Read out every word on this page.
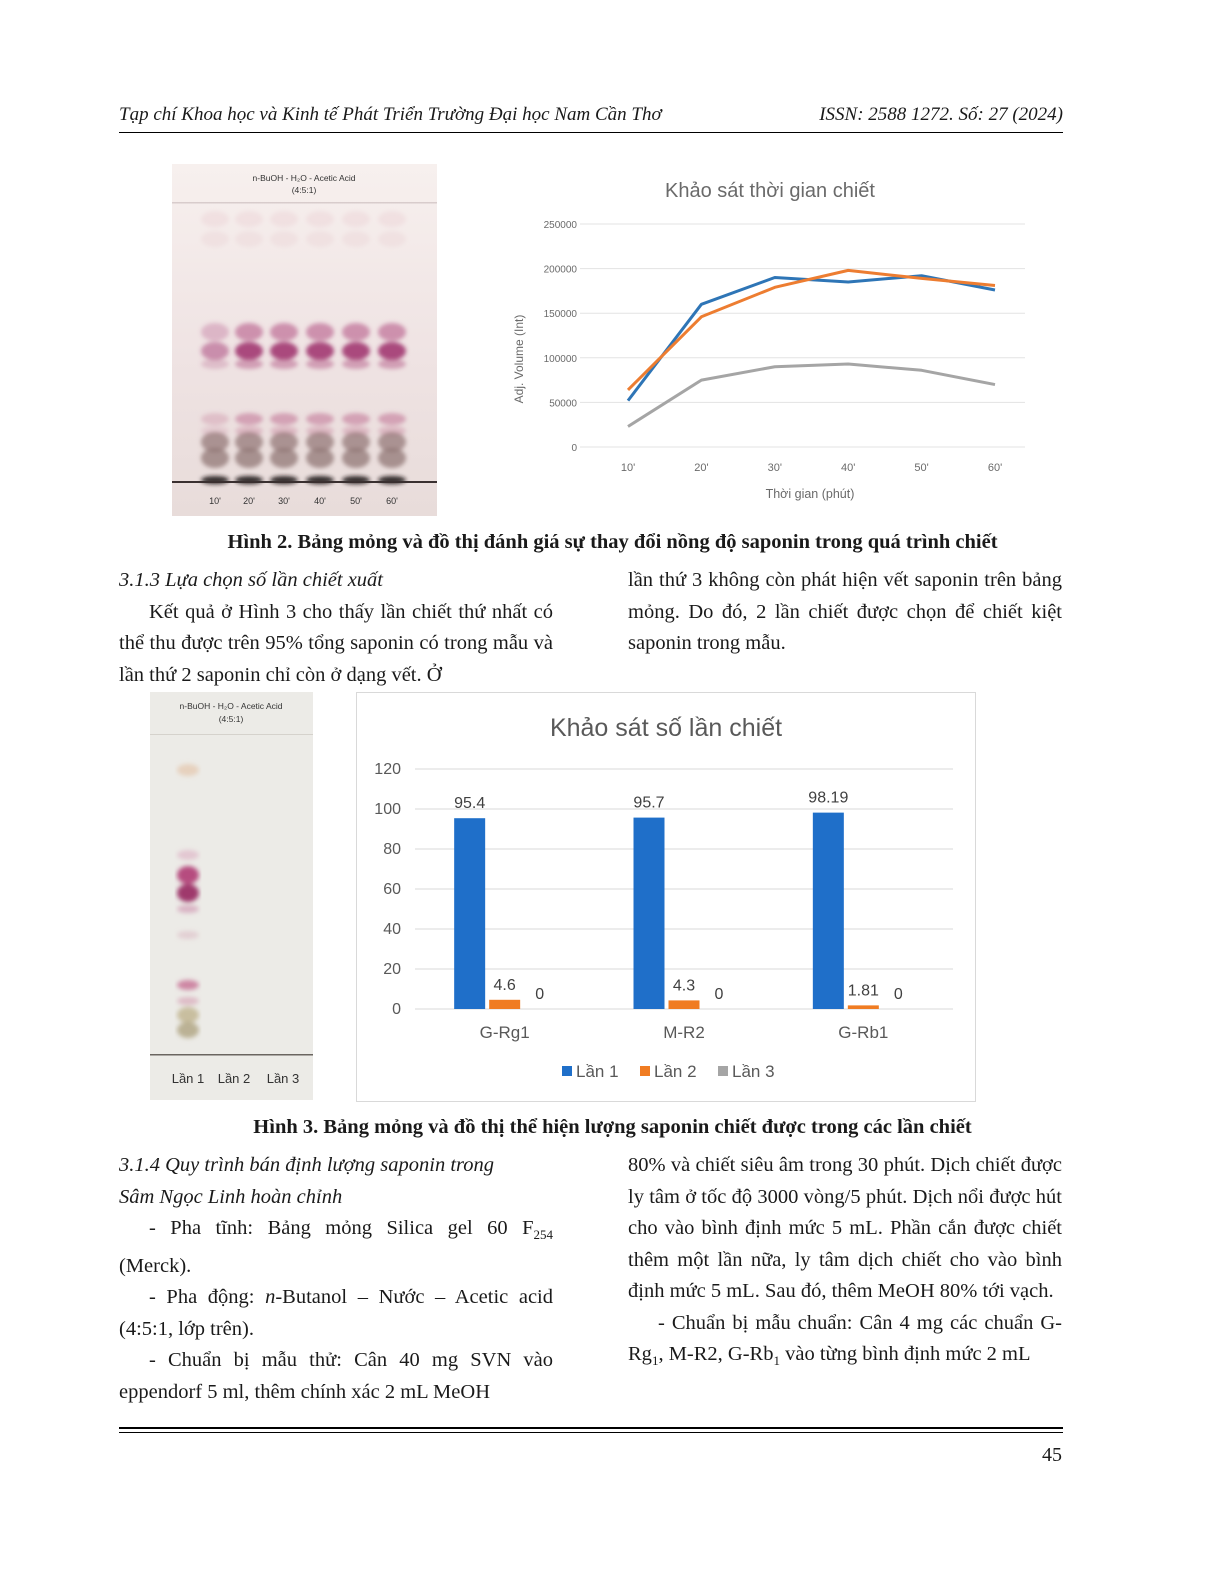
Tạp chí Khoa học và Kinh tế Phát Triển Trường Đại học Nam Cần Thơ	ISSN: 2588 1272. Số: 27 (2024)
n-BuOH - H₂O - Acetic Acid
(4:5:1)
10' 20'	30'	40'	50'	60'
Khảo sát thời gian chiết
0
50000
100000
150000
200000
250000
10'	20'	30'	40'	50'	60'
Adj. Volume (Int)
Thời gian (phút)
Hình 2. Bảng mỏng và đồ thị đánh giá sự thay đổi nồng độ saponin trong quá trình chiết

3.1.3 Lựa chọn số lần chiết xuất

Kết quả ở Hình 3 cho thấy lần chiết thứ nhất có thể thu được trên 95% tổng saponin có trong mẫu và lần thứ 2 saponin chỉ còn ở dạng vết. Ở

lần thứ 3 không còn phát hiện vết saponin trên bảng mỏng. Do đó, 2 lần chiết được chọn để chiết kiệt saponin trong mẫu.

n-BuOH - H₂O - Acetic Acid
(4:5:1)
Lần 1 Lần 2 Lần 3
Khảo sát số lần chiết
0
20
40
60
80
100
120
95.4
4.6
0
95.7
4.3
0
98.19
1.81 0
G-Rg1	M-R2	G-Rb1
Lần 1 Lần 2 Lần 3
Hình 3. Bảng mỏng và đồ thị thể hiện lượng saponin chiết được trong các lần chiết

3.1.4 Quy trình bán định lượng saponin trong

Sâm Ngọc Linh hoàn chỉnh

- Pha tĩnh: Bảng mỏng Silica gel 60 $F_{254}$ (Merck).

- Pha động: n-Butanol – Nước – Acetic acid (4:5:1, lớp trên).

- Chuẩn bị mẫu thử: Cân 40 mg SVN vào eppendorf 5 ml, thêm chính xác 2 mL MeOH

80% và chiết siêu âm trong 30 phút. Dịch chiết được ly tâm ở tốc độ 3000 vòng/5 phút. Dịch nổi được hút cho vào bình định mức 5 mL. Phần cắn được chiết thêm một lần nữa, ly tâm dịch chiết cho vào bình định mức 5 mL. Sau đó, thêm MeOH 80% tới vạch.

- Chuẩn bị mẫu chuẩn: Cân 4 mg các chuẩn $G-Rg_1$, M-R2, $G-Rb_1$ vào từng bình định mức 2 mL

45
